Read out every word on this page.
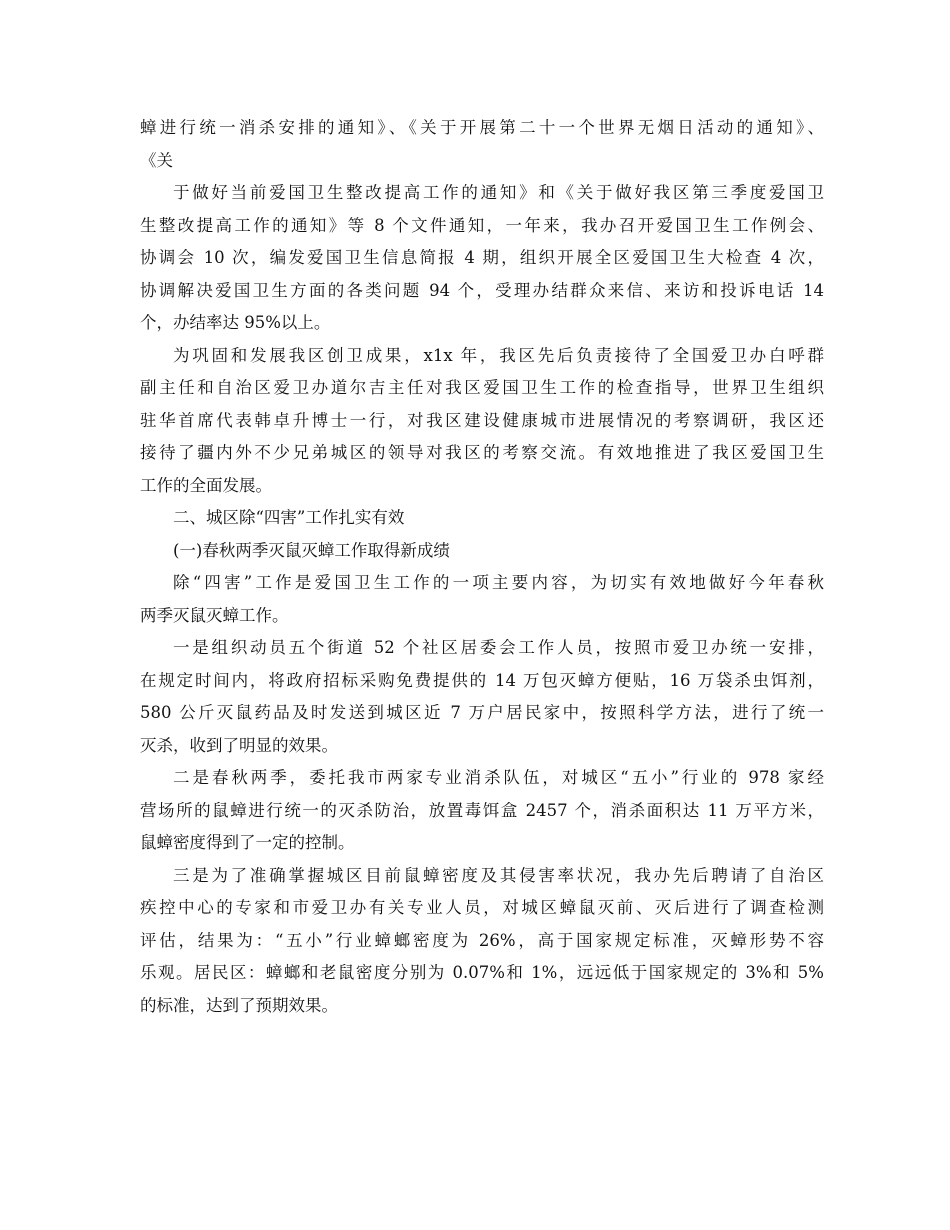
蟑进行统一消杀安排的通知》、《关于开展第二十一个世界无烟日活动的通知》、
《关
于做好当前爱国卫生整改提高工作的通知》和《关于做好我区第三季度爱国卫
生整改提高工作的通知》等 8 个文件通知，一年来，我办召开爱国卫生工作例会、
协调会 10 次，编发爱国卫生信息简报 4 期，组织开展全区爱国卫生大检查 4 次，
协调解决爱国卫生方面的各类问题 94 个，受理办结群众来信、来访和投诉电话 14
个，办结率达 95%以上。
为巩固和发展我区创卫成果，x1x 年，我区先后负责接待了全国爱卫办白呼群
副主任和自治区爱卫办道尔吉主任对我区爱国卫生工作的检查指导，世界卫生组织
驻华首席代表韩卓升博士一行，对我区建设健康城市进展情况的考察调研，我区还
接待了疆内外不少兄弟城区的领导对我区的考察交流。有效地推进了我区爱国卫生
工作的全面发展。
二、城区除“四害”工作扎实有效
(一)春秋两季灭鼠灭蟑工作取得新成绩
除“四害”工作是爱国卫生工作的一项主要内容，为切实有效地做好今年春秋
两季灭鼠灭蟑工作。
一是组织动员五个街道 52 个社区居委会工作人员，按照市爱卫办统一安排，
在规定时间内，将政府招标采购免费提供的 14 万包灭蟑方便贴，16 万袋杀虫饵剂，
580 公斤灭鼠药品及时发送到城区近 7 万户居民家中，按照科学方法，进行了统一
灭杀，收到了明显的效果。
二是春秋两季，委托我市两家专业消杀队伍，对城区“五小”行业的 978 家经
营场所的鼠蟑进行统一的灭杀防治，放置毒饵盒 2457 个，消杀面积达 11 万平方米，
鼠蟑密度得到了一定的控制。
三是为了准确掌握城区目前鼠蟑密度及其侵害率状况，我办先后聘请了自治区
疾控中心的专家和市爱卫办有关专业人员，对城区蟑鼠灭前、灭后进行了调查检测
评估，结果为：“五小”行业蟑螂密度为 26%，高于国家规定标准，灭蟑形势不容
乐观。居民区：蟑螂和老鼠密度分别为 0.07%和 1%，远远低于国家规定的 3%和 5%
的标准，达到了预期效果。
